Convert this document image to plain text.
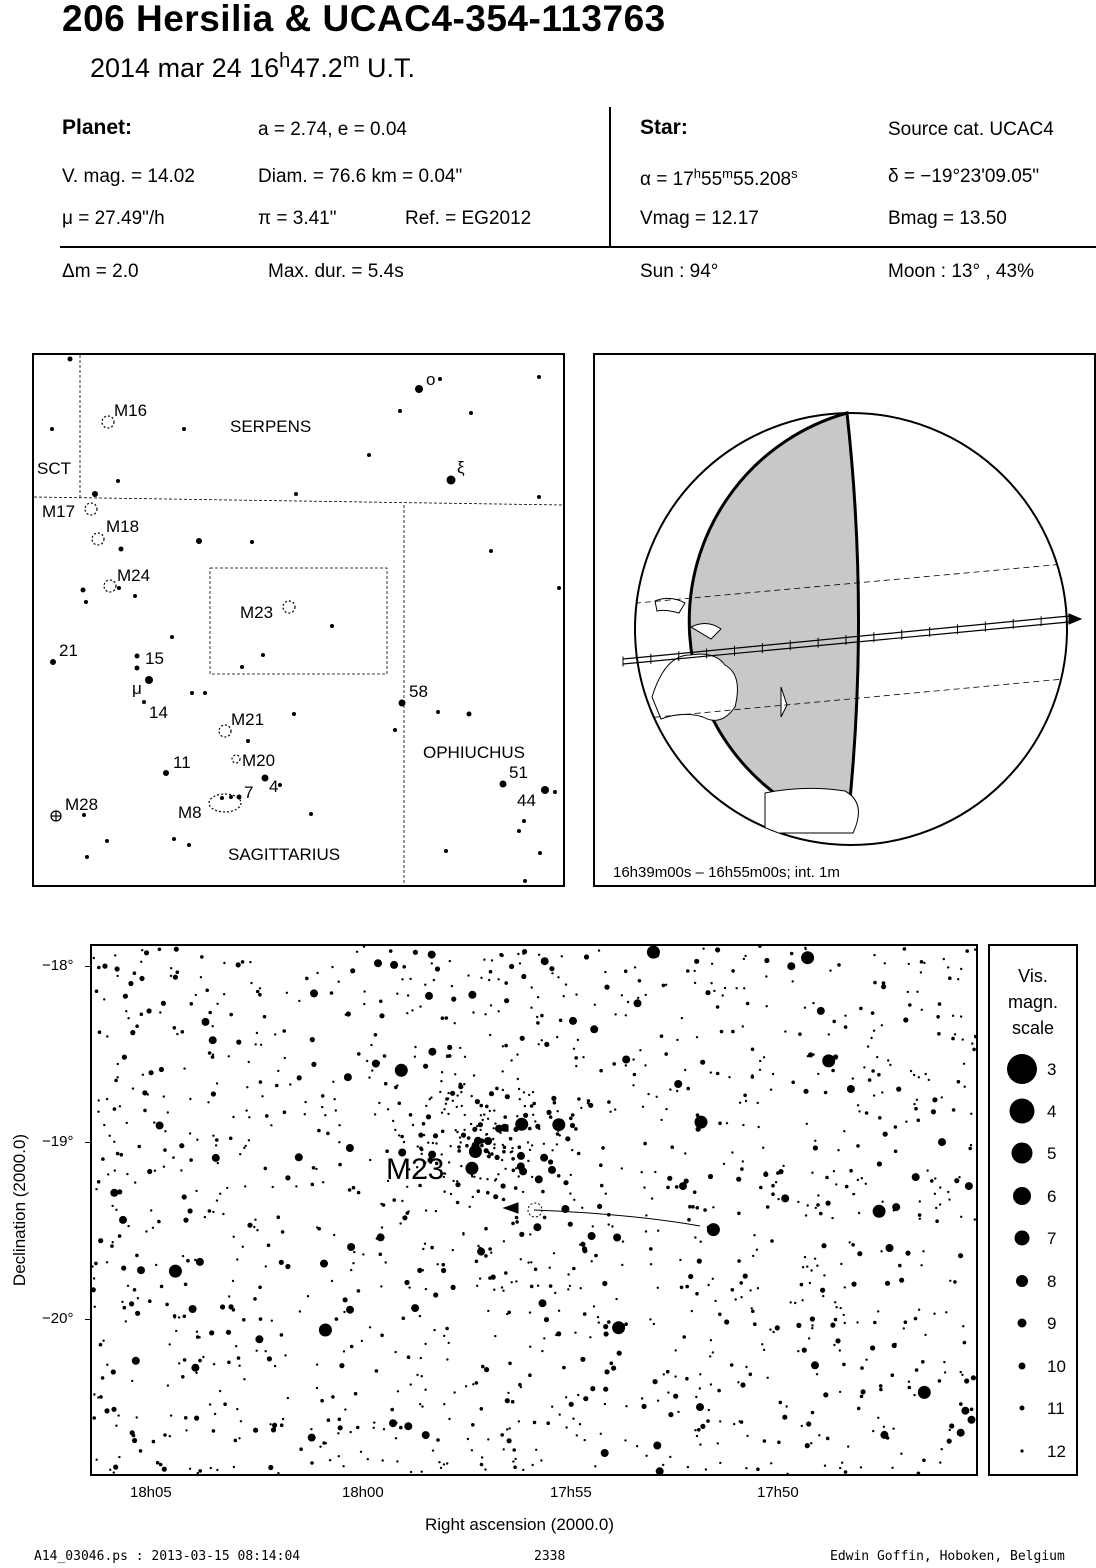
206 Hersilia & UCAC4-354-113763
2014 mar 24 16$^h$47.2$^m$ U.T.
Planet:	a = 2.74, e = 0.04
V. mag. = 14.02	Diam. = 76.6 km = 0.04"
μ = 27.49"/h	π = 3.41"	Ref. = EG2012
Star:	Source cat. UCAC4
$\alpha = 17^h55^m55.208^s$	δ = −19°23'09.05"
Vmag = 12.17	Bmag = 13.50
Δm = 2.0	Max. dur. = 5.4s	Sun : 94°	Moon : 13° , 43%
SERPENS
SCT
OPHIUCHUS
SAGITTARIUS
M16
M17
M18
M24
M23
M21
M20
M8
M28
o
ξ
21	15
μ
14
11
4
7
58
51
44
16h39m00s – 16h55m00s; int. 1m
M23
−18°
−19°
−20°
18h05	18h00	17h55	17h50
Right ascension (2000.0)
Declination (2000.0)
Vis.
magn.
scale
3
4
5
6
7
8
9
10
11
12
A14_03046.ps : 2013-03-15 08:14:04	2338	Edwin Goffin, Hoboken, Belgium
